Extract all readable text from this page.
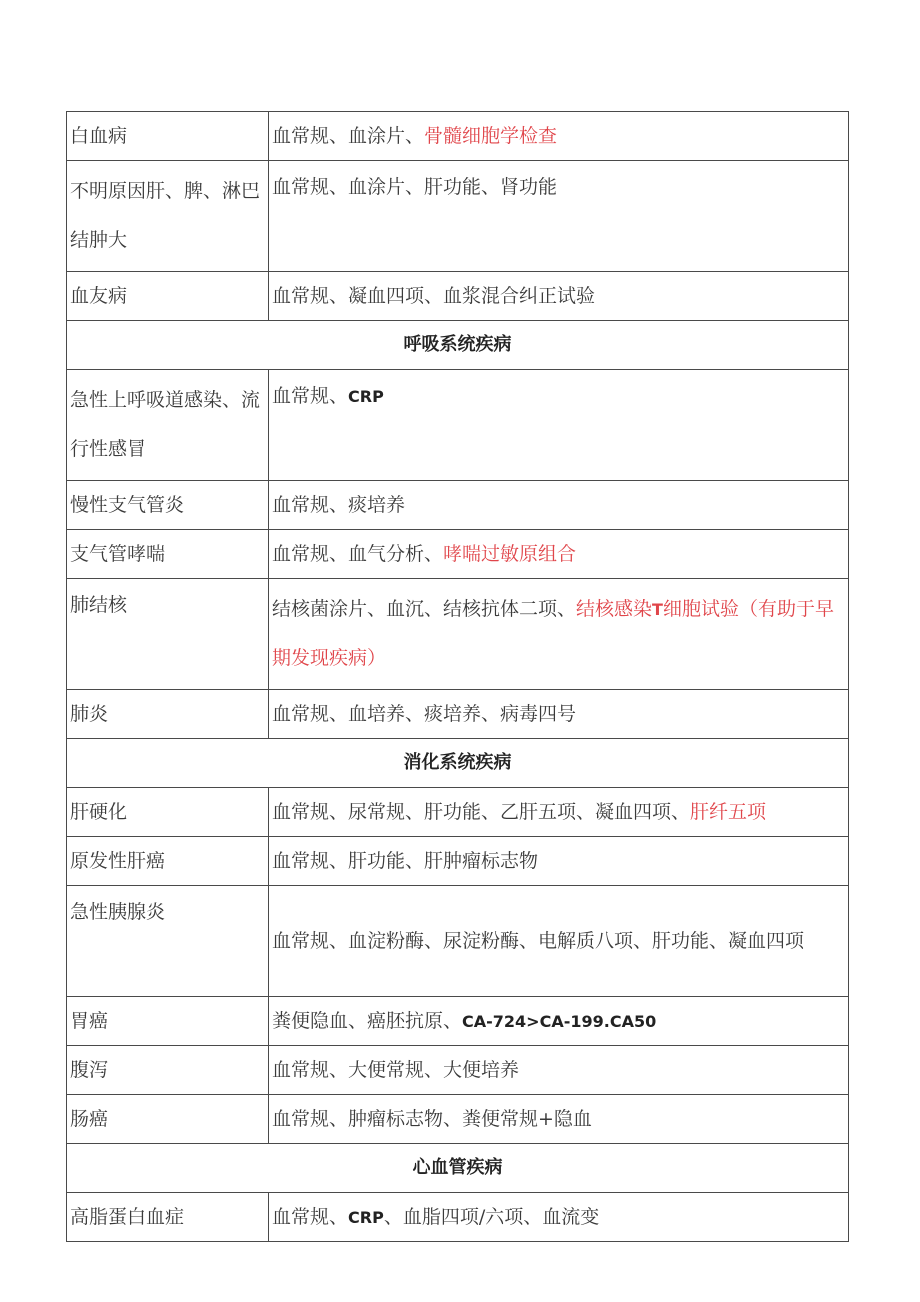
白血病	血常规、血涂片、骨髓细胞学检查
不明原因肝、脾、淋巴结肿大	血常规、血涂片、肝功能、肾功能
血友病	血常规、凝血四项、血浆混合纠正试验
呼吸系统疾病	
急性上呼吸道感染、流行性感冒	血常规、CRP
慢性支气管炎	血常规、痰培养
支气管哮喘	血常规、血气分析、哮喘过敏原组合
肺结核	结核菌涂片、血沉、结核抗体二项、结核感染T细胞试验（有助于早期发现疾病）
肺炎	血常规、血培养、痰培养、病毒四号
消化系统疾病	
肝硬化	血常规、尿常规、肝功能、乙肝五项、凝血四项、肝纤五项
原发性肝癌	血常规、肝功能、肝肿瘤标志物
急性胰腺炎	血常规、血淀粉酶、尿淀粉酶、电解质八项、肝功能、凝血四项
胃癌	粪便隐血、癌胚抗原、CA-724>CA-199.CA50
腹泻	血常规、大便常规、大便培养
肠癌	血常规、肿瘤标志物、粪便常规+隐血
心血管疾病	
高脂蛋白血症	血常规、CRP、血脂四项/六项、血流变
